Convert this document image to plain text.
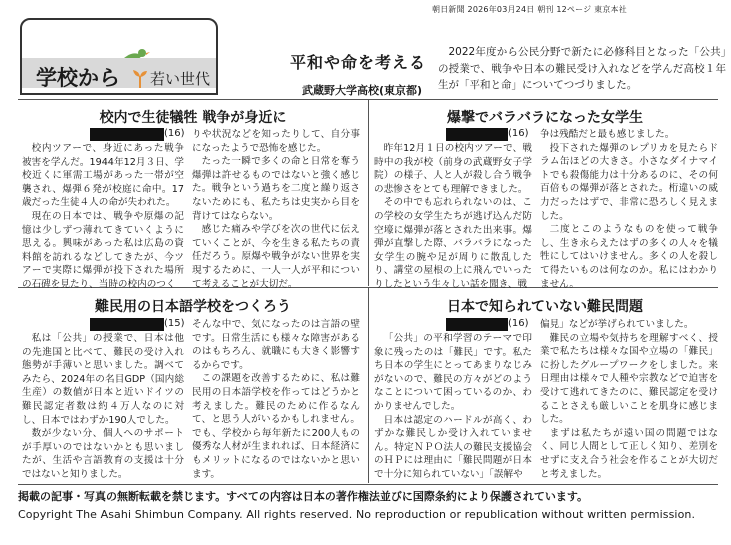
朝日新聞 2026年03月24日 朝刊 12ページ 東京本社
学校から 若い世代
平和や命を考える
武蔵野大学高校(東京都)
2022年度から公民分野で新たに必修科目となった「公共」の授業で、戦争や日本の難民受け入れなどを学んだ高校１年生が「平和と命」についてつづりました。
校内で生徒犠牲 戦争が身近に
(16)

校内ツアーで、身近にあった戦争被害を学んだ。1944年12月３日、学校近くに軍需工場があった一帯が空襲され、爆弾６発が校庭に命中。17歳だった生徒４人の命が失われた。

現在の日本では、戦争や原爆の記憶は少しずつ薄れてきていくように思える。興味があった私は広島の資料館を訪れるなどしてきたが、今ツアーで実際に爆弾が投下された場所の石碑を見たり、当時の校内のつく

りや状況などを知ったりして、自分事になったようで恐怖を感じた。

たった一瞬で多くの命と日常を奪う爆弾は許せるものではないと強く感じた。戦争という過ちを二度と繰り返さないためにも、私たちは史実から目を背けてはならない。

感じた痛みや学びを次の世代に伝えていくことが、今を生きる私たちの責任だろう。原爆や戦争がない世界を実現するために、一人一人が平和について考えることが大切だ。

爆撃でバラバラになった女学生
(16)

昨年12月１日の校内ツアーで、戦時中の我が校（前身の武蔵野女子学院）の様子、人と人が殺し合う戦争の悲惨さをとても理解できました。

その中でも忘れられないのは、この学校の女学生たちが逃げ込んだ防空壕に爆弾が落とされた出来事。爆弾が直撃した際、バラバラになった女学生の腕や足が周りに散乱したり、講堂の屋根の上に飛んでいったりしたという生々しい話を聞き、戦

争は残酷だと最も感じました。

投下された爆弾のレプリカを見たらドラム缶ほどの大きさ。小さなダイナマイトでも殺傷能力は十分あるのに、その何百倍もの爆弾が落とされた。桁違いの威力だったはずで、非常に恐ろしく見えました。

二度とこのようなものを使って戦争し、生き永らえたはずの多くの人々を犠牲にしてはいけません。多くの人を殺して得たいものは何なのか。私にはわかりません。

難民用の日本語学校をつくろう
(15)

私は「公共」の授業で、日本は他の先進国と比べて、難民の受け入れ態勢が手薄いと思いました。調べてみたら、2024年の名目GDP（国内総生産）の数値が日本と近いドイツの難民認定者数は約４万人なのに対し、日本ではわずか190人でした。

数が少ない分、個人へのサポートが手厚いのではないかとも思いましたが、生活や言語教育の支援は十分ではないと知りました。

そんな中で、気になったのは言語の壁です。日常生活にも様々な障害があるのはもちろん、就職にも大きく影響するからです。

この課題を改善するために、私は難民用の日本語学校を作ってはどうかと考えました。難民のために作るなんて、と思う人がいるかもしれません。でも、学校から毎年新たに200人もの優秀な人材が生まれれば、日本経済にもメリットになるのではないかと思います。

日本で知られていない難民問題
(16)

「公共」の平和学習のテーマで印象に残ったのは「難民」です。私たち日本の学生にとってあまりなじみがないので、難民の方々がどのようなことについて困っているのか、わかりませんでした。

日本は認定のハードルが高く、わずかな難民しか受け入れていません。特定ＮＰＯ法人の難民支援協会のＨＰには理由に「難民問題が日本で十分に知られていない」「誤解や

偏見」などが挙げられていました。

難民の立場や気持ちを理解すべく、授業で私たちは様々な国や立場の「難民」に扮したグループワークをしました。来日理由は様々で人種や宗教などで迫害を受けて逃れてきたのに、難民認定を受けることさえも厳しいことを肌身に感じました。

まずは私たちが遠い国の問題ではなく、同じ人間として正しく知り、差別をせずに支え合う社会を作ることが大切だと考えました。

掲載の記事・写真の無断転載を禁じます。すべての内容は日本の著作権法並びに国際条約により保護されています。
Copyright The Asahi Shimbun Company. All rights reserved. No reproduction or republication without written permission.
